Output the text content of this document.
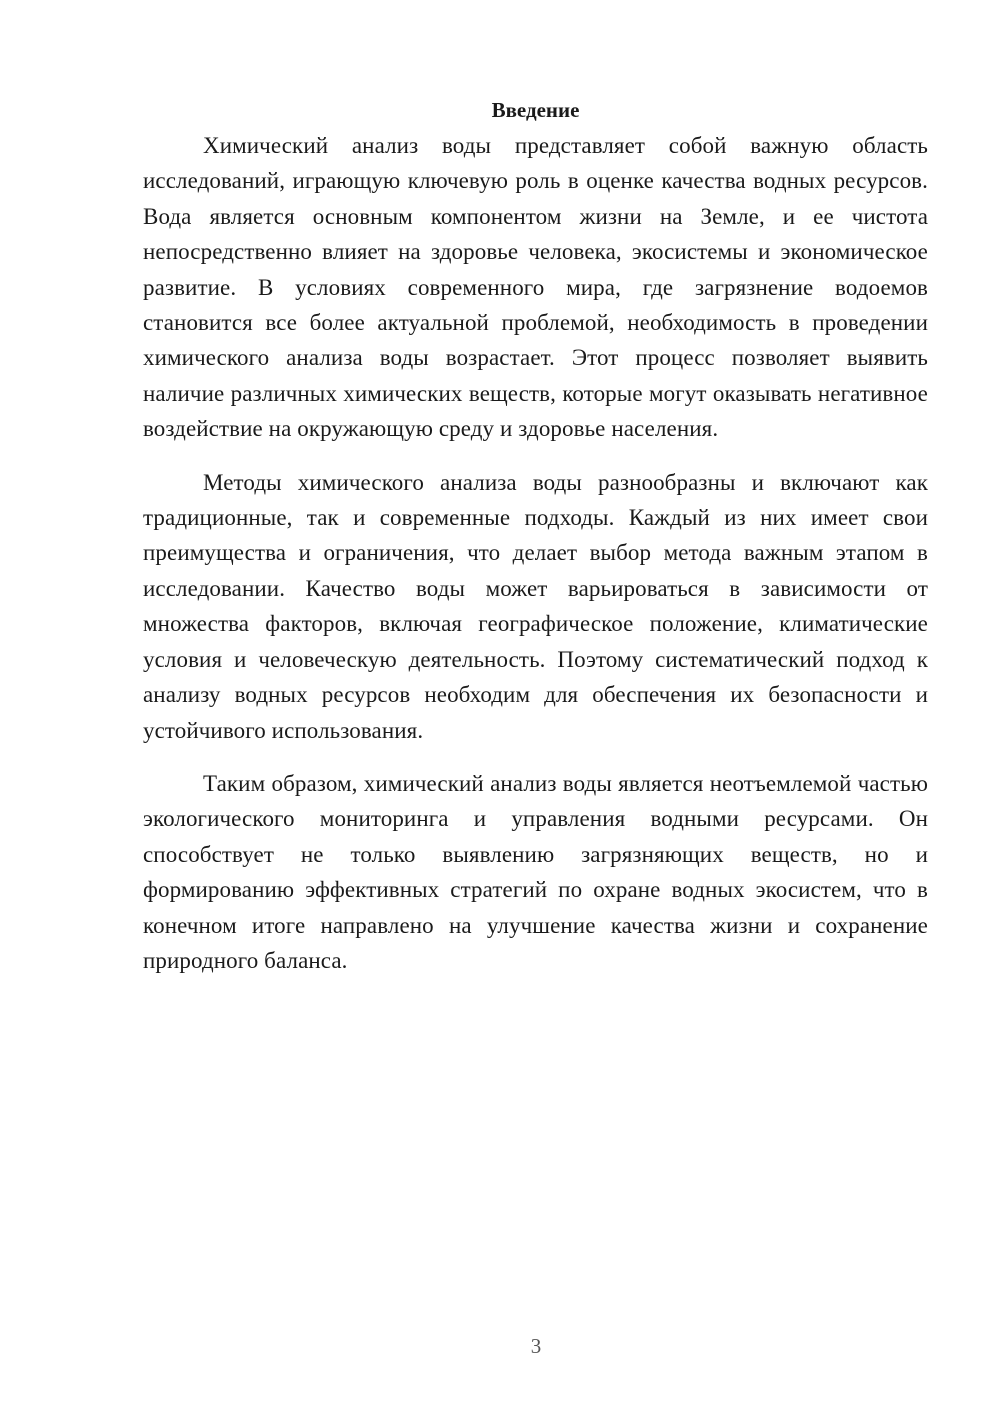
Введение

Химический анализ воды представляет собой важную область исследований, играющую ключевую роль в оценке качества водных ресурсов. Вода является основным компонентом жизни на Земле, и ее чистота непосредственно влияет на здоровье человека, экосистемы и экономическое развитие. В условиях современного мира, где загрязнение водоемов становится все более актуальной проблемой, необходимость в проведении химического анализа воды возрастает. Этот процесс позволяет выявить наличие различных химических веществ, которые могут оказывать негативное воздействие на окружающую среду и здоровье населения.

Методы химического анализа воды разнообразны и включают как традиционные, так и современные подходы. Каждый из них имеет свои преимущества и ограничения, что делает выбор метода важным этапом в исследовании. Качество воды может варьироваться в зависимости от множества факторов, включая географическое положение, климатические условия и человеческую деятельность. Поэтому систематический подход к анализу водных ресурсов необходим для обеспечения их безопасности и устойчивого использования.

Таким образом, химический анализ воды является неотъемлемой частью экологического мониторинга и управления водными ресурсами. Он способствует не только выявлению загрязняющих веществ, но и формированию эффективных стратегий по охране водных экосистем, что в конечном итоге направлено на улучшение качества жизни и сохранение природного баланса.

3
